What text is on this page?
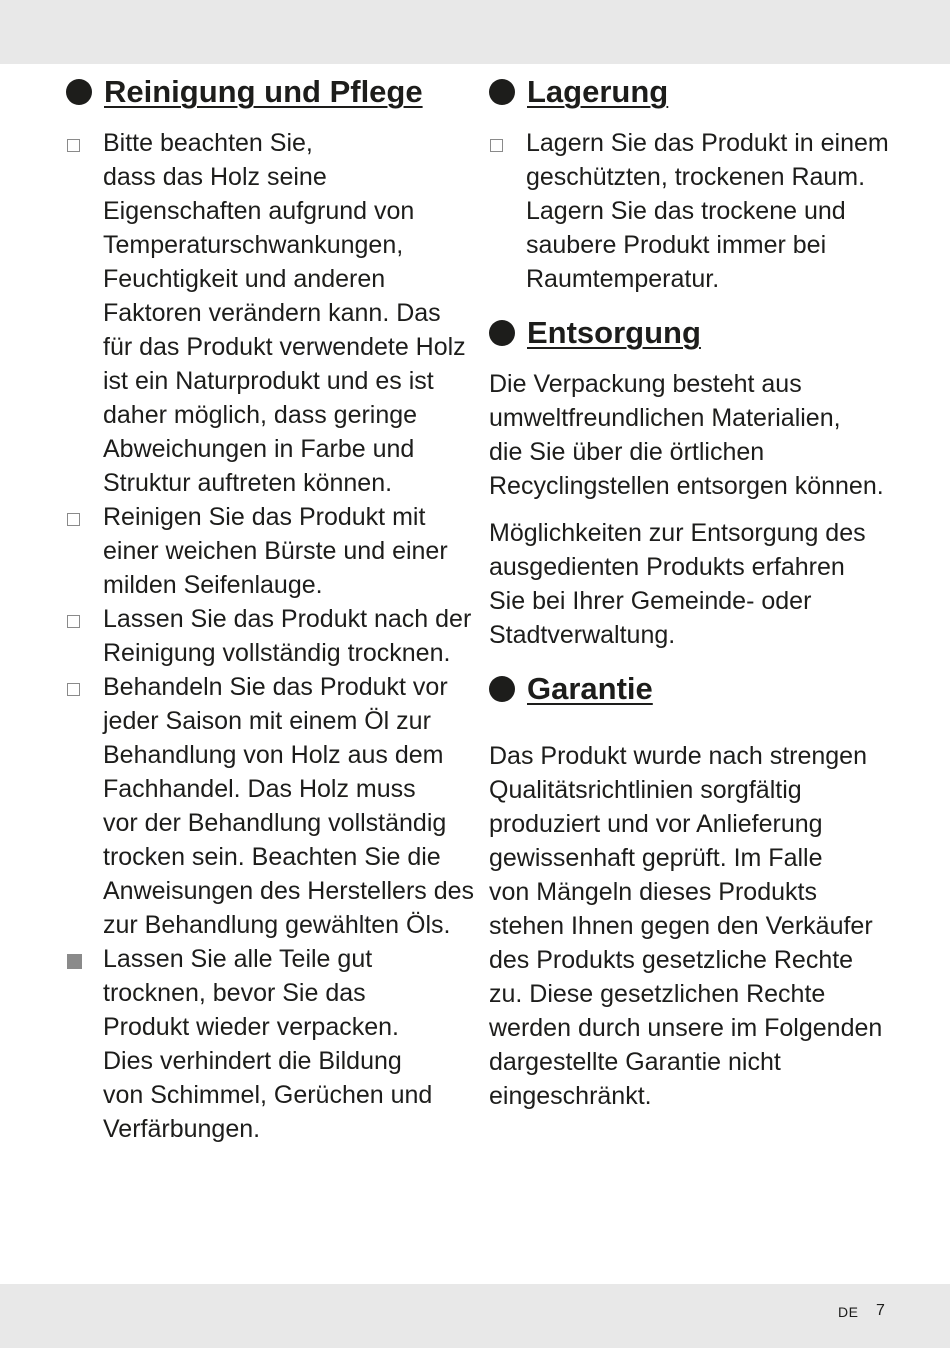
Reinigung und Pflege
Bitte beachten Sie,
dass das Holz seine
Eigenschaften aufgrund von
Temperaturschwankungen,
Feuchtigkeit und anderen
Faktoren verändern kann. Das
für das Produkt verwendete Holz
ist ein Naturprodukt und es ist
daher möglich, dass geringe
Abweichungen in Farbe und
Struktur auftreten können.
Reinigen Sie das Produkt mit
einer weichen Bürste und einer
milden Seifenlauge.
Lassen Sie das Produkt nach der
Reinigung vollständig trocknen.
Behandeln Sie das Produkt vor
jeder Saison mit einem Öl zur
Behandlung von Holz aus dem
Fachhandel. Das Holz muss
vor der Behandlung vollständig
trocken sein. Beachten Sie die
Anweisungen des Herstellers des
zur Behandlung gewählten Öls.
Lassen Sie alle Teile gut
trocknen, bevor Sie das
Produkt wieder verpacken.
Dies verhindert die Bildung
von Schimmel, Gerüchen und
Verfärbungen.
Lagerung
Lagern Sie das Produkt in einem
geschützten, trockenen Raum.
Lagern Sie das trockene und
saubere Produkt immer bei
Raumtemperatur.
Entsorgung
Die Verpackung besteht aus
umweltfreundlichen Materialien,
die Sie über die örtlichen
Recyclingstellen entsorgen können.
Möglichkeiten zur Entsorgung des
ausgedienten Produkts erfahren
Sie bei Ihrer Gemeinde- oder
Stadtverwaltung.
Garantie
Das Produkt wurde nach strengen
Qualitätsrichtlinien sorgfältig
produziert und vor Anlieferung
gewissenhaft geprüft. Im Falle
von Mängeln dieses Produkts
stehen Ihnen gegen den Verkäufer
des Produkts gesetzliche Rechte
zu. Diese gesetzlichen Rechte
werden durch unsere im Folgenden
dargestellte Garantie nicht
eingeschränkt.
DE 7
